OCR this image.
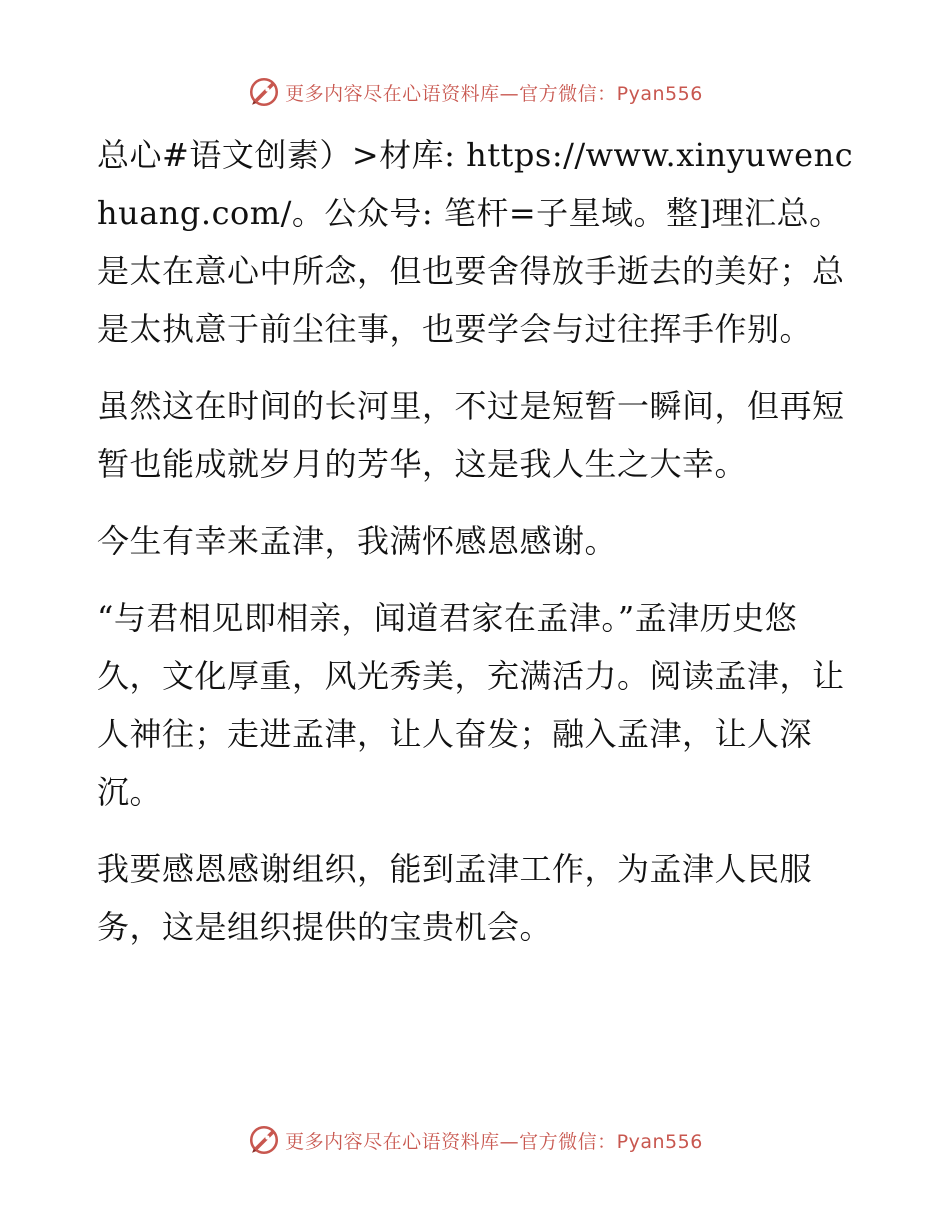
更多内容尽在心语资料库—官方微信：Pyan556

总心#语文创素）>材库: https://www.xinyuwenchuang.com/。公众号: 笔杆=子星域。整]理汇总。是太在意心中所念，但也要舍得放手逝去的美好；总是太执意于前尘往事，也要学会与过往挥手作别。

虽然这在时间的长河里，不过是短暂一瞬间，但再短暂也能成就岁月的芳华，这是我人生之大幸。

今生有幸来孟津，我满怀感恩感谢。

“与君相见即相亲，闻道君家在孟津。”孟津历史悠久，文化厚重，风光秀美，充满活力。阅读孟津，让人神往；走进孟津，让人奋发；融入孟津，让人深沉。

我要感恩感谢组织，能到孟津工作，为孟津人民服务，这是组织提供的宝贵机会。

更多内容尽在心语资料库—官方微信：Pyan556
